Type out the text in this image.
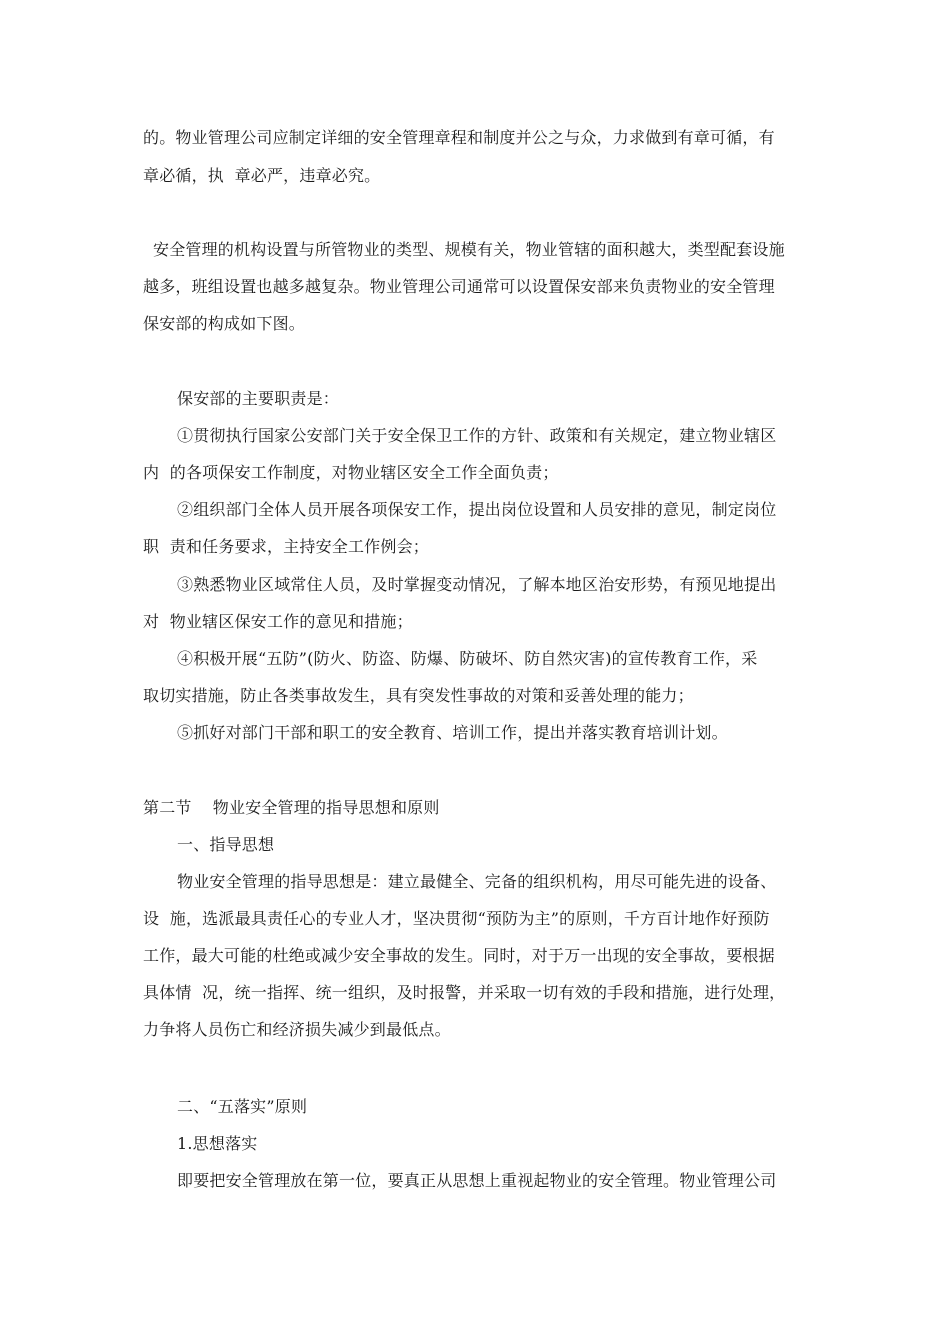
的。物业管理公司应制定详细的安全管理章程和制度并公之与众，力求做到有章可循，有
章必循，执  章必严，违章必究。
安全管理的机构设置与所管物业的类型、规模有关，物业管辖的面积越大，类型配套设施
越多，班组设置也越多越复杂。物业管理公司通常可以设置保安部来负责物业的安全管理
保安部的构成如下图。
保安部的主要职责是：
①贯彻执行国家公安部门关于安全保卫工作的方针、政策和有关规定，建立物业辖区
内  的各项保安工作制度，对物业辖区安全工作全面负责；
②组织部门全体人员开展各项保安工作，提出岗位设置和人员安排的意见，制定岗位
职  责和任务要求，主持安全工作例会；
③熟悉物业区域常住人员，及时掌握变动情况，了解本地区治安形势，有预见地提出
对  物业辖区保安工作的意见和措施；
④积极开展“五防”(防火、防盗、防爆、防破坏、防自然灾害)的宣传教育工作，采
取切实措施，防止各类事故发生，具有突发性事故的对策和妥善处理的能力；
⑤抓好对部门干部和职工的安全教育、培训工作，提出并落实教育培训计划。
第二节    物业安全管理的指导思想和原则
一、指导思想
物业安全管理的指导思想是：建立最健全、完备的组织机构，用尽可能先进的设备、
设  施，选派最具责任心的专业人才，坚决贯彻“预防为主”的原则，千方百计地作好预防
工作，最大可能的杜绝或减少安全事故的发生。同时，对于万一出现的安全事故，要根据
具体情  况，统一指挥、统一组织，及时报警，并采取一切有效的手段和措施，进行处理，
力争将人员伤亡和经济损失减少到最低点。
二、“五落实”原则
1.思想落实
即要把安全管理放在第一位，要真正从思想上重视起物业的安全管理。物业管理公司
